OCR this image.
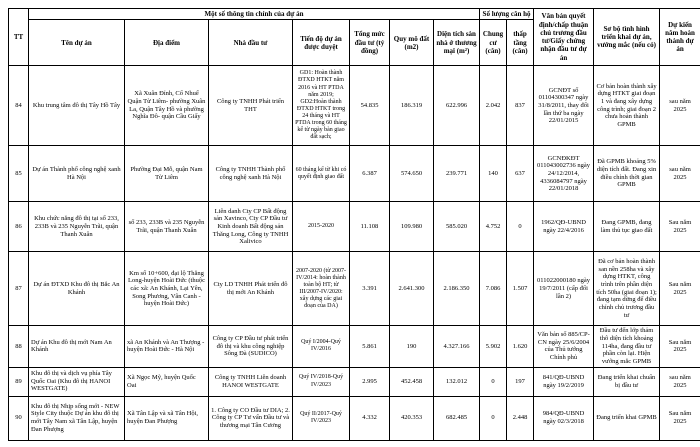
TT	Một số thông tin chính của dự án							Số lượng căn hộ		Văn bản quyết định/chấp thuận chủ trương đầu tư/Giấy chứng nhận đầu tư dự án	Sơ bộ tình hình triển khai dự án, vướng mắc (nếu có)	Dự kiến năm hoàn thành dự án
	Tên dự án	Địa điểm	Nhà đầu tư	Tiến độ dự án được duyệt	Tổng mức đầu tư (tỷ đồng)	Quy mô đất (m2)	Diện tích sàn nhà ở thương mại (m²)	Chung cư (căn)	thấp tầng (căn)			
84	Khu trung tâm đô thị Tây Hồ Tây	Xã Xuân Đỉnh, Cổ Nhuế Quận Từ Liêm- phường Xuân La, Quận Tây Hồ và phường Nghĩa Đô- quận Cầu Giấy	Công ty TNHH Phát triển THT	GD1: Hoàn thành ĐTXD HTKT năm 2016 và HT PTDA năm 2019; GD2:Hoàn thành ĐTXD HTKT trong 24 tháng và HT PTDA trong 60 tháng kể từ ngày bàn giao đất sạch;	54.835	186.319	622.996	2.042	837	GCNĐT số 01104300347 ngày 31/8/2011, thay đổi lần thứ ba ngày 22/01/2015	Cơ bản hoàn thành xây dựng HTKT giai đoạn 1 và đang xây dựng công trình; giai đoạn 2 chưa hoàn thành GPMB	sau năm 2025
85	Dự án Thành phố công nghệ xanh Hà Nội	Phường Đại Mỗ, quận Nam Từ Liêm	Công ty TNHH Thành phố công nghệ xanh Hà Nội	60 tháng kể từ khi có quyết định giao đất	6.387	574.650	239.771	140	637	GCNĐKĐT 011043002736 ngày 24/12/2014, 4336084797 ngày 22/01/2018	Đã GPMB khoảng 5% diện tích đất. Đang xin điều chỉnh thời gian GPMB	sau năm 2025
86	Khu chức năng đô thị tại số 233, 233B và 235 Nguyễn Trãi, quận Thanh Xuân	số 233, 233B và 235 Nguyễn Trãi, quận Thanh Xuân	Liên danh Cty CP Bất động sản Xavinco, Cty CP Đầu tư Kinh doanh Bất động sản Thăng Long, Công ty TNHH Xalivico	2015-2020	11.108	109.980	585.020	4.752	0	1962/QĐ-UBND ngày 22/4/2016	Đang GPMB, đang làm thủ tục giao đất	Sau năm 2025
87	Dự án ĐTXD Khu đô thị Bắc An Khánh	Km số 10+600, đại lộ Thăng Long-huyện Hoài Đức (thuộc các xã: An Khánh, Lại Yên, Song Phương, Vân Canh - huyện Hoài Đức)	Cty LD TNHH Phát triển đô thị mới An Khánh	2007-2020 (từ 2007-IV/2014: hoàn thành toàn bộ HT; từ III/2007-IV/2020: xây dựng các giai đoạn của DA)	3.391	2.641.300	2.186.350	7.086	1.507	011022000180 ngày 19/7/2011 (cấp đổi lần 2)	Đã cơ bản hoàn thành san nền 258ha và xây dựng HTKT, công trình trên phần diện tích 50ha (giai đoạn 1); đang tạm dừng để điều chỉnh chủ trương đầu tư	Sau năm 2025
88	Dự án Khu đô thị mới Nam An Khánh	xã An Khánh và An Thượng - huyện Hoài Đức - Hà Nội	Công ty CP Đầu tư phát triển đô thị và khu công nghiệp Sông Đà (SUDICO)	Quý I/2004-Quý IV/2016	5.861	190	4.327.166	5.902	1.620	Văn bản số 885/CP-CN ngày 25/6/2004 của Thủ tướng Chính phủ	Đầu tư đến lớp thảm thô diện tích khoảng 114ha, đang đầu tư phần còn lại. Hiện vướng mắc GPMB	Sau năm 2025
89	Khu đô thị và dịch vụ phía Tây Quốc Oai (Khu đô thị HANOI WESTGATE)	Xã Ngọc Mỹ, huyện Quốc Oai	Công ty TNHH Liên doanh HANOI WESTGATE	Quý IV/2018-Quý IV/2023	2.995	452.458	132.012	0	197	841/QĐ-UBND ngày 19/2/2019	Đang triển khai chuẩn bị đầu tư	sau năm 2025
90	Khu đô thị Nhịp sống mới - NEW Style City thuộc Dự án khu đô thị mới Tây Nam xã Tân Lập, huyện Đan Phượng	Xã Tân Lập và xã Tân Hội, huyện Đan Phượng	1. Công ty CO Đầu tư DIA; 2. Công ty CP Tư vấn Đầu tư và thương mại Tân Cương	Quý II/2017-Quý IV/2023	4.332	420.353	682.485	0	2.448	984/QĐ-UBND ngày 02/3/2018	Đang triển khai GPMB	Sau năm 2025
